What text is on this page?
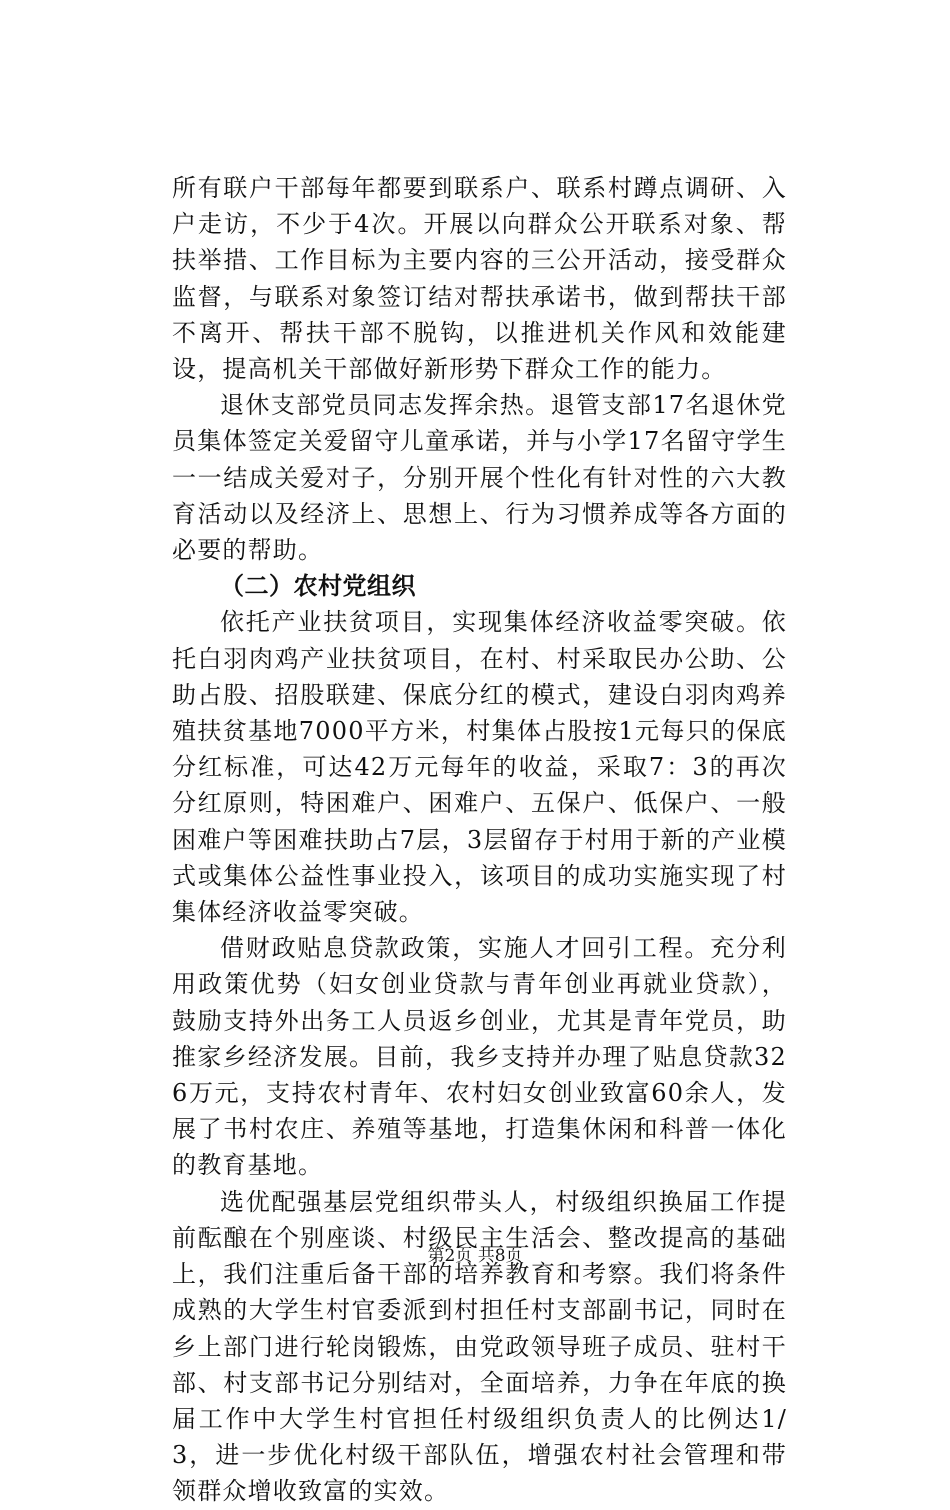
所有联户干部每年都要到联系户、联系村蹲点调研、入户走访，不少于4次。开展以向群众公开联系对象、帮扶举措、工作目标为主要内容的三公开活动，接受群众监督，与联系对象签订结对帮扶承诺书，做到帮扶干部不离开、帮扶干部不脱钩，以推进机关作风和效能建设，提高机关干部做好新形势下群众工作的能力。

退休支部党员同志发挥余热。退管支部17名退休党员集体签定关爱留守儿童承诺，并与小学17名留守学生一一结成关爱对子，分别开展个性化有针对性的六大教育活动以及经济上、思想上、行为习惯养成等各方面的必要的帮助。

（二）农村党组织

依托产业扶贫项目，实现集体经济收益零突破。依托白羽肉鸡产业扶贫项目，在村、村采取民办公助、公助占股、招股联建、保底分红的模式，建设白羽肉鸡养殖扶贫基地7000平方米，村集体占股按1元每只的保底分红标准，可达42万元每年的收益，采取7：3的再次分红原则，特困难户、困难户、五保户、低保户、一般困难户等困难扶助占7层，3层留存于村用于新的产业模式或集体公益性事业投入，该项目的成功实施实现了村集体经济收益零突破。

借财政贴息贷款政策，实施人才回引工程。充分利用政策优势（妇女创业贷款与青年创业再就业贷款），鼓励支持外出务工人员返乡创业，尤其是青年党员，助推家乡经济发展。目前，我乡支持并办理了贴息贷款326万元，支持农村青年、农村妇女创业致富60余人，发展了书村农庄、养殖等基地，打造集休闲和科普一体化的教育基地。

选优配强基层党组织带头人，村级组织换届工作提前酝酿在个别座谈、村级民主生活会、整改提高的基础上，我们注重后备干部的培养教育和考察。我们将条件成熟的大学生村官委派到村担任村支部副书记，同时在乡上部门进行轮岗锻炼，由党政领导班子成员、驻村干部、村支部书记分别结对，全面培养，力争在年底的换届工作中大学生村官担任村级组织负责人的比例达1/3，进一步优化村级干部队伍，增强农村社会管理和带领群众增收致富的实效。

第2页 共8页
